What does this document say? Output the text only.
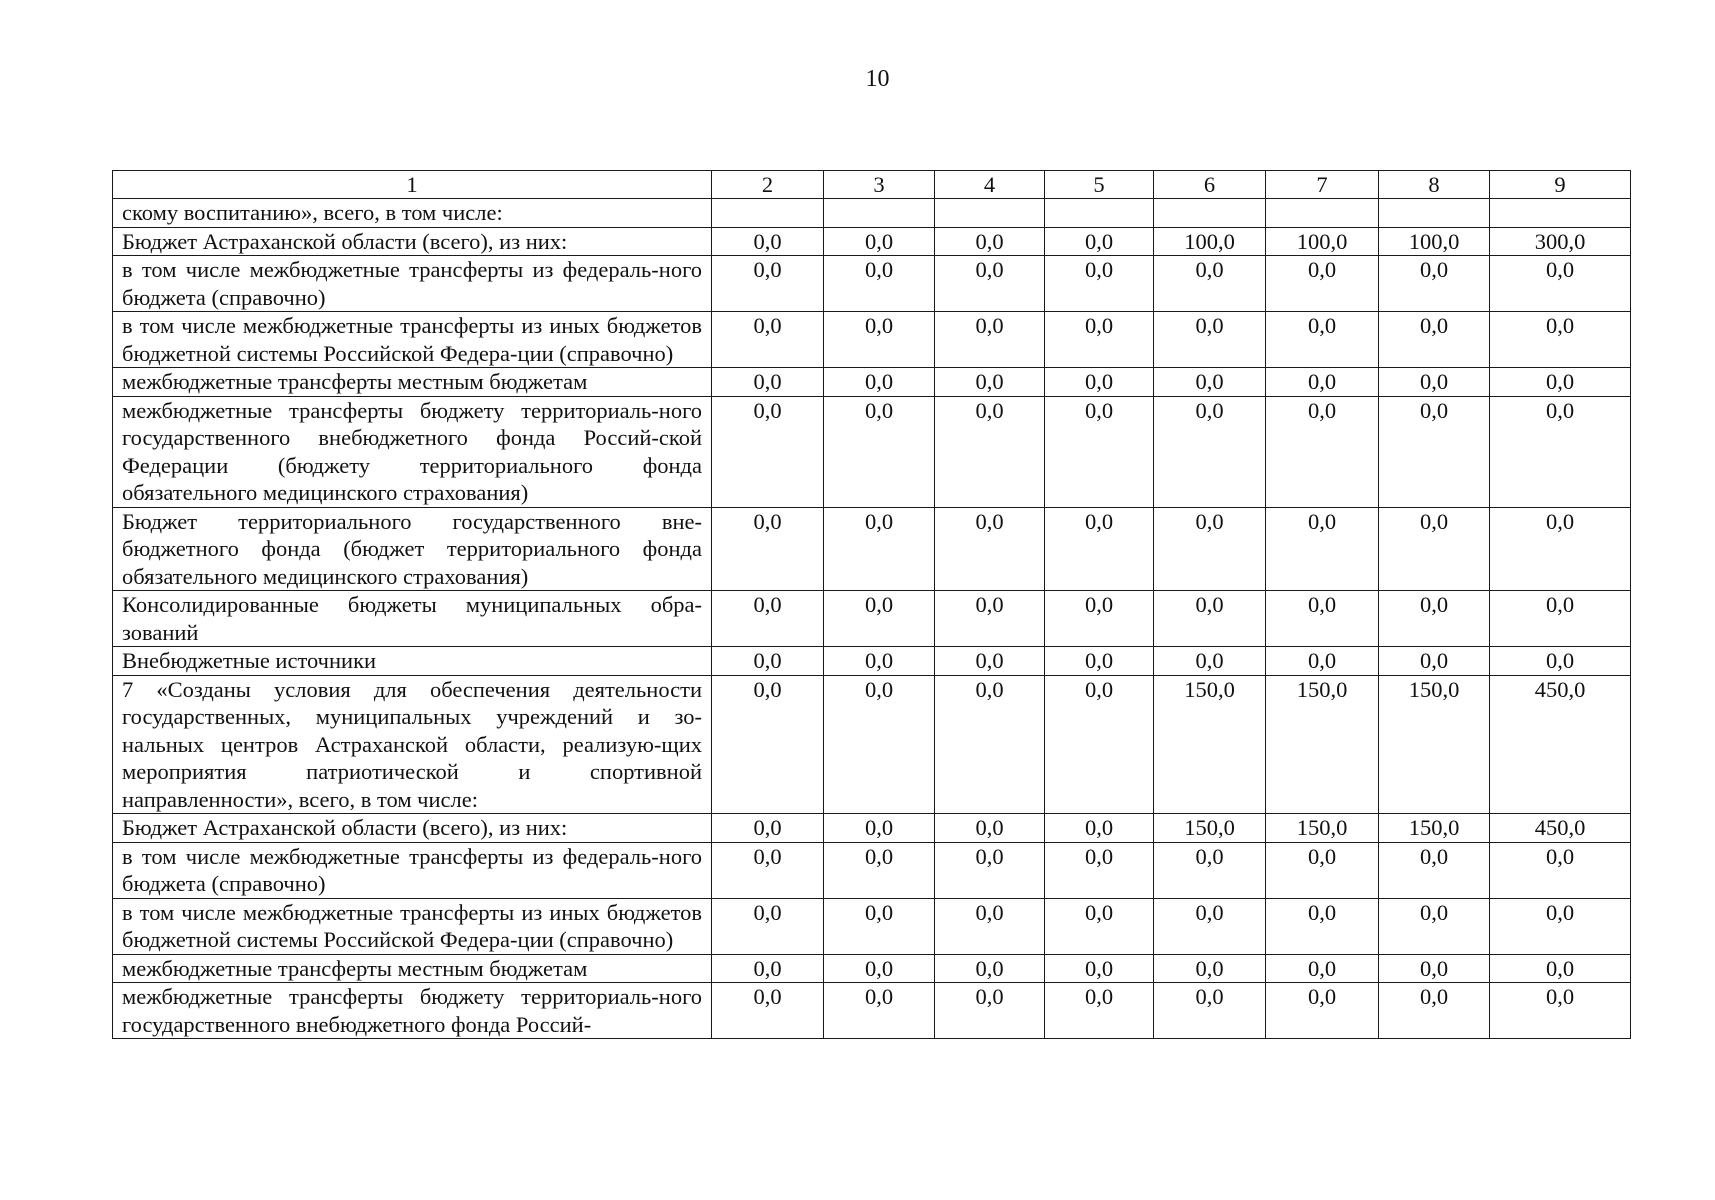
10
1	2	3	4	5	6	7	8	9
скому воспитанию», всего, в том числе:								
Бюджет Астраханской области (всего), из них:	0,0	0,0	0,0	0,0	100,0	100,0	100,0	300,0
в том числе межбюджетные трансферты из федераль-ного бюджета (справочно)	0,0	0,0	0,0	0,0	0,0	0,0	0,0	0,0
в том числе межбюджетные трансферты из иных бюджетов бюджетной системы Российской Федера-ции (справочно)	0,0	0,0	0,0	0,0	0,0	0,0	0,0	0,0
межбюджетные трансферты местным бюджетам	0,0	0,0	0,0	0,0	0,0	0,0	0,0	0,0
межбюджетные трансферты бюджету территориаль-ного государственного внебюджетного фонда Россий-ской Федерации (бюджету территориального фонда обязательного медицинского страхования)	0,0	0,0	0,0	0,0	0,0	0,0	0,0	0,0
Бюджет территориального государственного вне-бюджетного фонда (бюджет территориального фонда обязательного медицинского страхования)	0,0	0,0	0,0	0,0	0,0	0,0	0,0	0,0
Консолидированные бюджеты муниципальных обра-зований	0,0	0,0	0,0	0,0	0,0	0,0	0,0	0,0
Внебюджетные источники	0,0	0,0	0,0	0,0	0,0	0,0	0,0	0,0
7 «Созданы условия для обеспечения деятельности государственных, муниципальных учреждений и зо-нальных центров Астраханской области, реализую-щих мероприятия патриотической и спортивной направленности», всего, в том числе:	0,0	0,0	0,0	0,0	150,0	150,0	150,0	450,0
Бюджет Астраханской области (всего), из них:	0,0	0,0	0,0	0,0	150,0	150,0	150,0	450,0
в том числе межбюджетные трансферты из федераль-ного бюджета (справочно)	0,0	0,0	0,0	0,0	0,0	0,0	0,0	0,0
в том числе межбюджетные трансферты из иных бюджетов бюджетной системы Российской Федера-ции (справочно)	0,0	0,0	0,0	0,0	0,0	0,0	0,0	0,0
межбюджетные трансферты местным бюджетам	0,0	0,0	0,0	0,0	0,0	0,0	0,0	0,0
межбюджетные трансферты бюджету территориаль-ного государственного внебюджетного фонда Россий-	0,0	0,0	0,0	0,0	0,0	0,0	0,0	0,0
